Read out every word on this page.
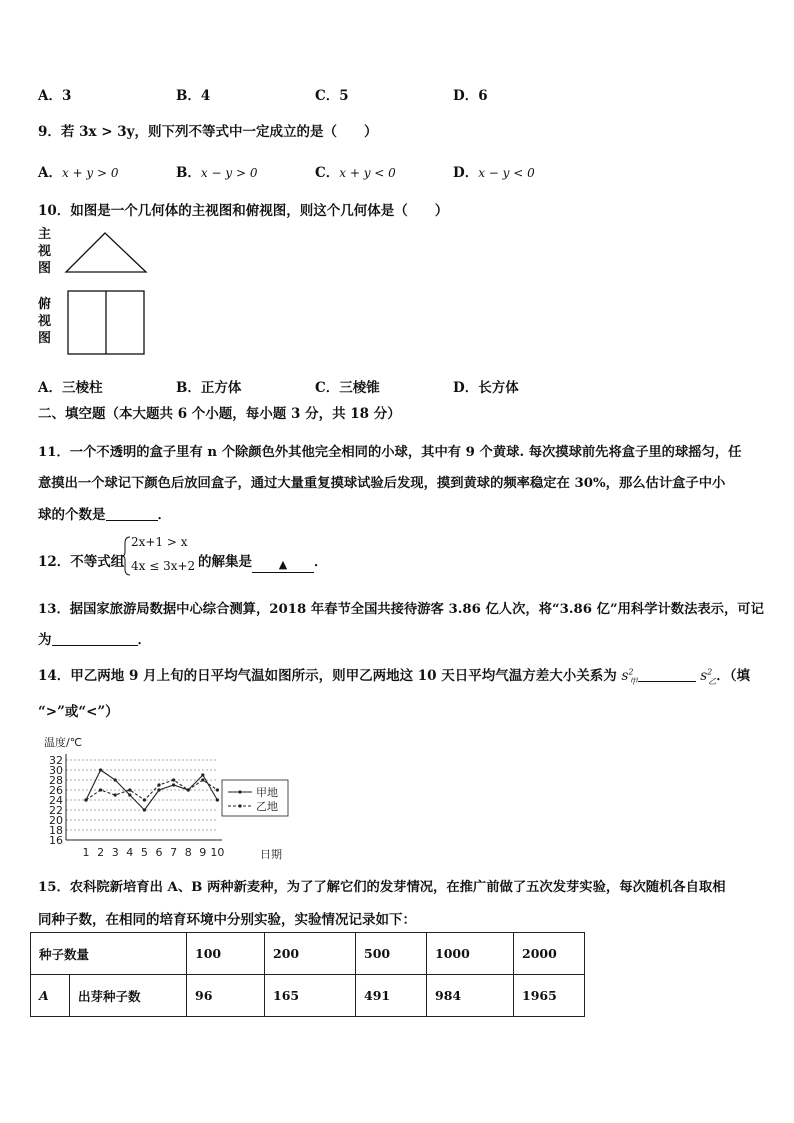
A．3	B．4	C．5	D．6
9．若 3x > 3y，则下列不等式中一定成立的是（　　）
A．x + y > 0	B．x − y > 0	C．x + y < 0	D．x − y < 0
10．如图是一个几何体的主视图和俯视图，则这个几何体是（　　）
主
视
图
俯
视
图
A．三棱柱	B．正方体	C．三棱锥	D．长方体
二、填空题（本大题共 6 个小题，每小题 3 分，共 18 分）
11．一个不透明的盒子里有 n 个除颜色外其他完全相同的小球，其中有 9 个黄球. 每次摸球前先将盒子里的球摇匀，任
意摸出一个球记下颜色后放回盒子，通过大量重复摸球试验后发现，摸到黄球的频率稳定在 30%，那么估计盒子中小
球的个数是	．
12．不等式组
2x+1 > x
4x ≤ 3x+2 的解集是 ▲ ．
13．据国家旅游局数据中心综合测算，2018 年春节全国共接待游客 3.86 亿人次，将“3.86 亿”用科学计数法表示，可记
为	．
14．甲乙两地 9 月上旬的日平均气温如图所示，则甲乙两地这 10 天日平均气温方差大小关系为 $s^2_甲$	$s^2_乙$．（填
“>”或“<”）
温度/℃
16
18
20
22
24
26
28
30
32
1 2 3 4 5 6 7 8 9 10	日期
甲地
乙地
15．农科院新培育出 A、B 两种新麦种，为了了解它们的发芽情况，在推广前做了五次发芽实验，每次随机各自取相
同种子数，在相同的培育环境中分别实验，实验情况记录如下：
种子数量		100	200	500	1000	2000
A	出芽种子数	96	165	491	984	1965
